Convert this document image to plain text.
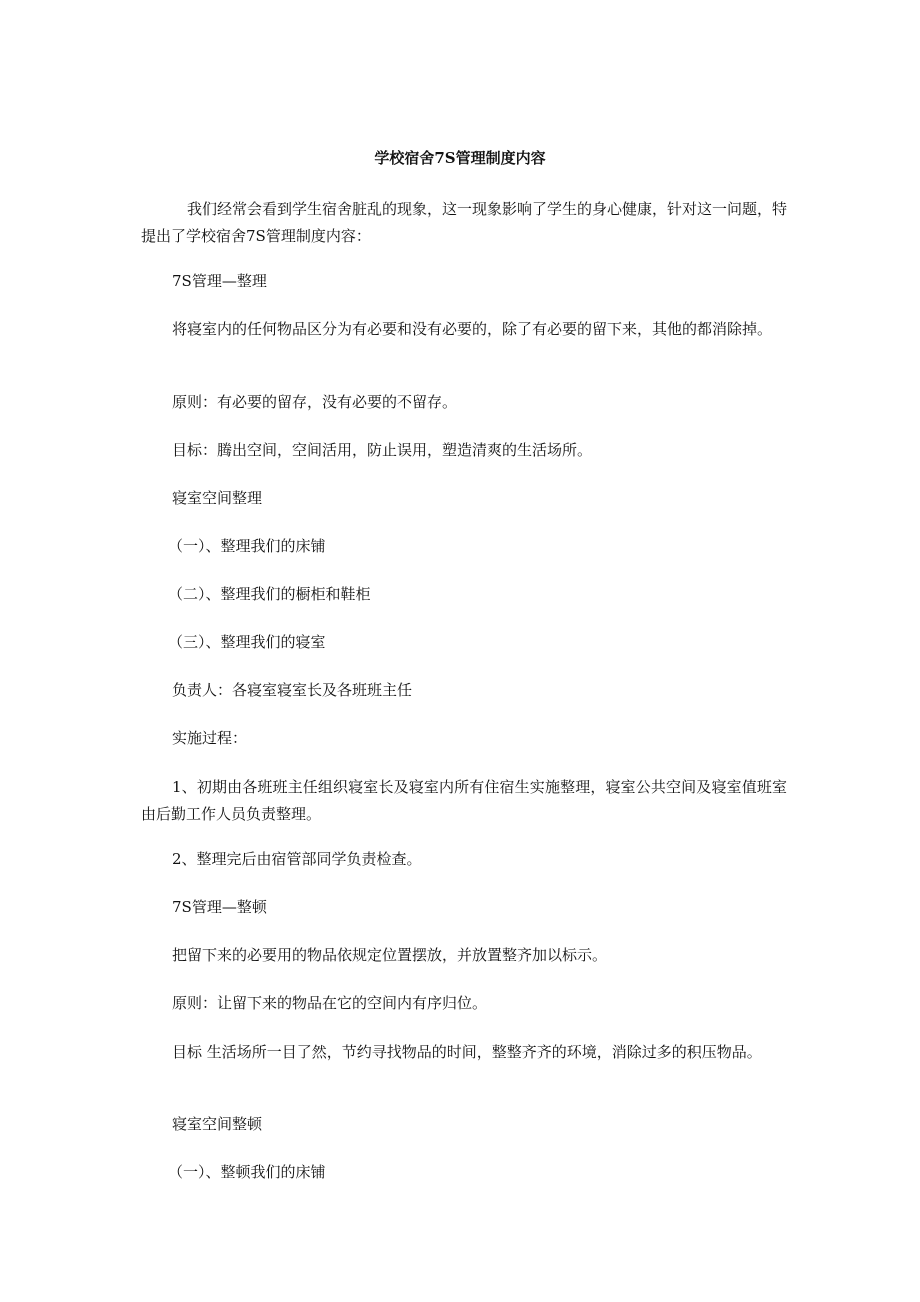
学校宿舍7S管理制度内容

我们经常会看到学生宿舍脏乱的现象，这一现象影响了学生的身心健康，针对这一问题，特提出了学校宿舍7S管理制度内容：

7S管理—整理

将寝室内的任何物品区分为有必要和没有必要的，除了有必要的留下来，其他的都消除掉。

原则：有必要的留存，没有必要的不留存。

目标：腾出空间，空间活用，防止误用，塑造清爽的生活场所。

寝室空间整理

（一）、整理我们的床铺

（二）、整理我们的橱柜和鞋柜

（三）、整理我们的寝室

负责人：各寝室寝室长及各班班主任

实施过程：

1、初期由各班班主任组织寝室长及寝室内所有住宿生实施整理，寝室公共空间及寝室值班室由后勤工作人员负责整理。

2、整理完后由宿管部同学负责检查。

7S管理—整顿

把留下来的必要用的物品依规定位置摆放，并放置整齐加以标示。

原则：让留下来的物品在它的空间内有序归位。

目标 生活场所一目了然，节约寻找物品的时间，整整齐齐的环境，消除过多的积压物品。

寝室空间整顿

（一）、整顿我们的床铺
